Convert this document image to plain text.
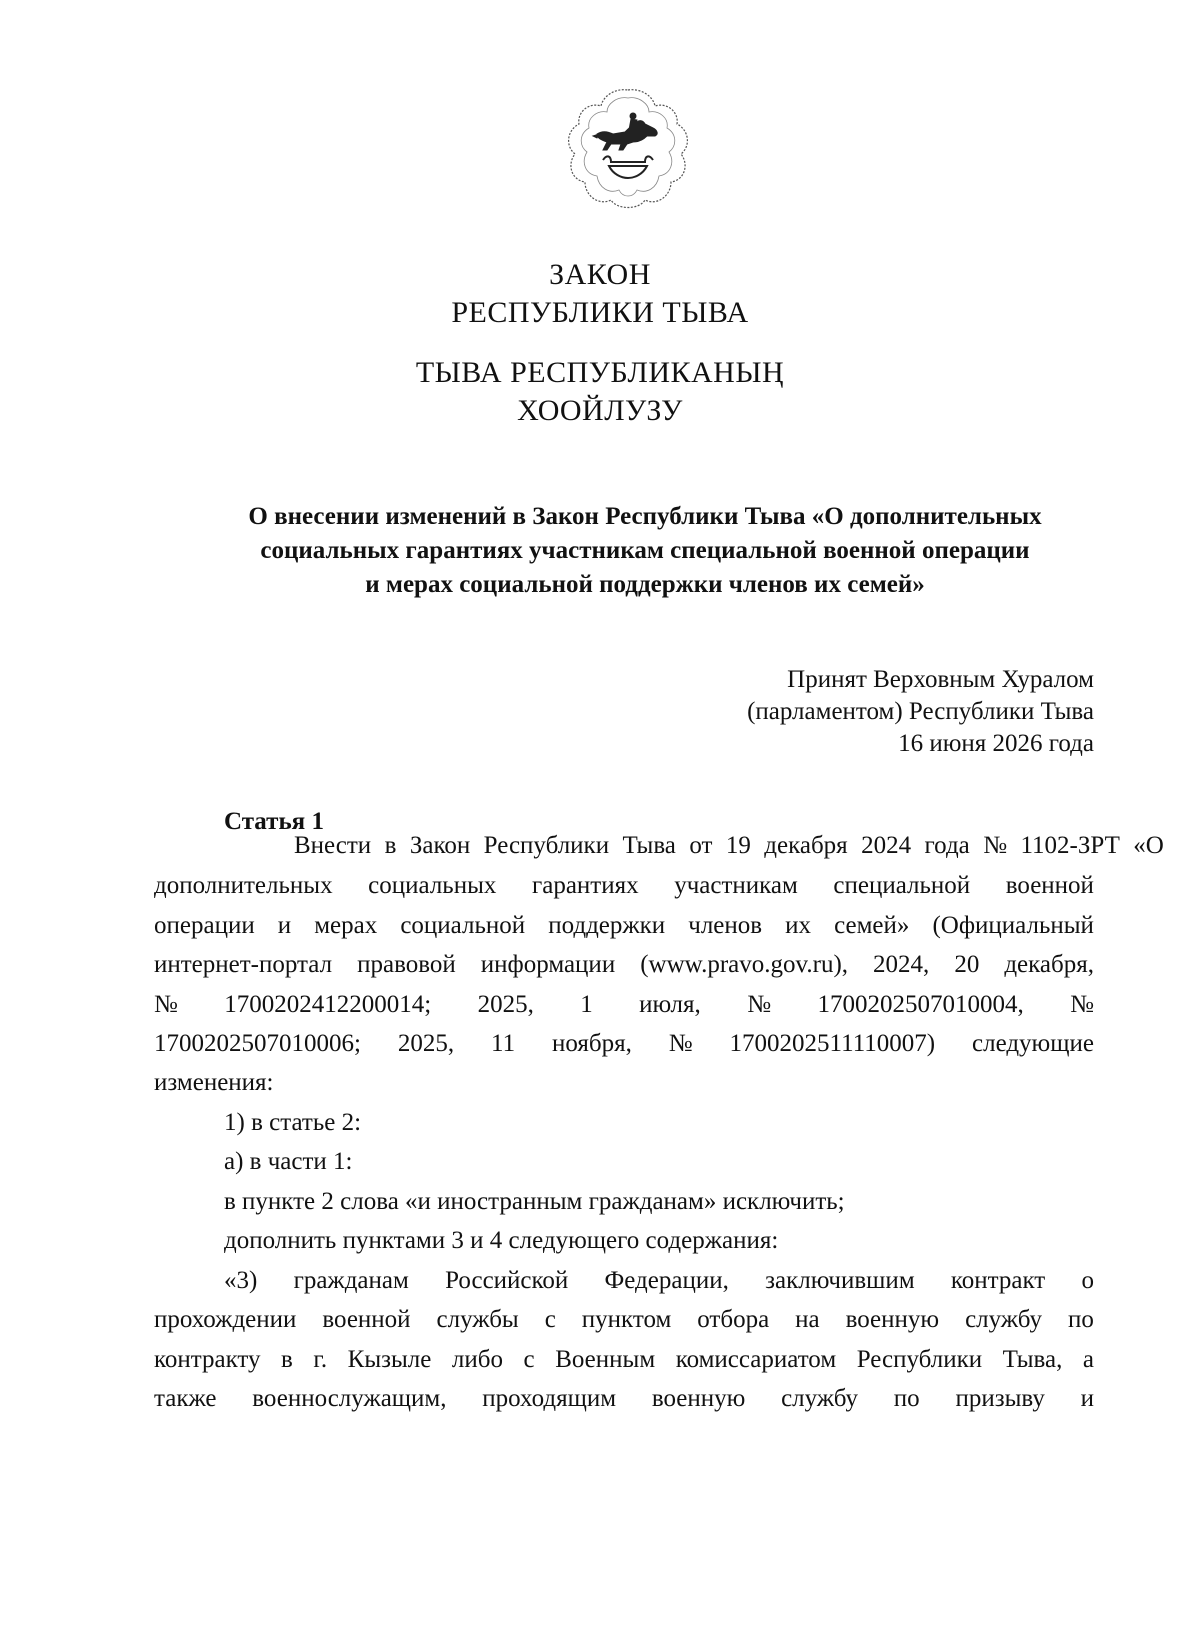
ЗАКОН
РЕСПУБЛИКИ ТЫВА
ТЫВА РЕСПУБЛИКАНЫҢ
ХООЙЛУЗУ
О внесении изменений в Закон Республики Тыва «О дополнительных
социальных гарантиях участникам специальной военной операции
и мерах социальной поддержки членов их семей»
Принят Верховным Хуралом
(парламентом) Республики Тыва
16 июня 2026 года
Статья 1
Внести в Закон Республики Тыва от 19 декабря 2024 года № 1102-ЗРТ «О
дополнительных социальных гарантиях участникам специальной военной
операции и мерах социальной поддержки членов их семей» (Официальный
интернет-портал правовой информации (www.pravo.gov.ru), 2024, 20 декабря,
№ 1700202412200014; 2025, 1 июля, № 1700202507010004, №
1700202507010006; 2025, 11 ноября, № 1700202511110007) следующие
изменения:
1) в статье 2:
а) в части 1:
в пункте 2 слова «и иностранным гражданам» исключить;
дополнить пунктами 3 и 4 следующего содержания:
«3) гражданам Российской Федерации, заключившим контракт о
прохождении военной службы с пунктом отбора на военную службу по
контракту в г. Кызыле либо с Военным комиссариатом Республики Тыва, а
также военнослужащим, проходящим военную службу по призыву и
